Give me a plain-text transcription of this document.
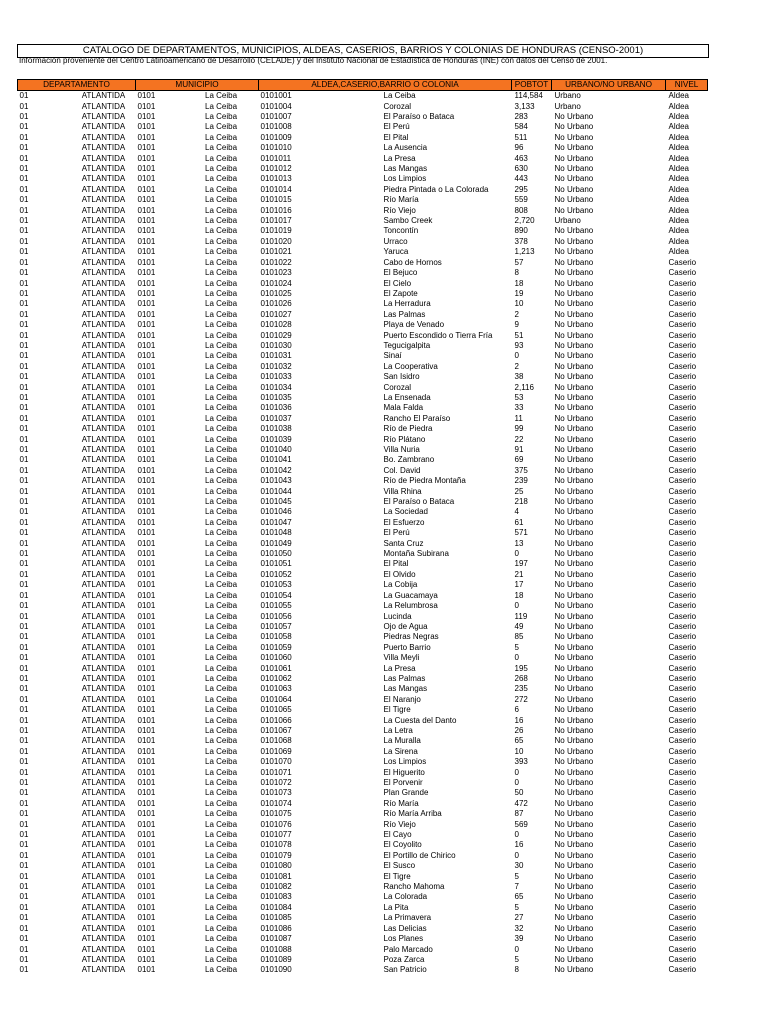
CATALOGO DE DEPARTAMENTOS, MUNICIPIOS, ALDEAS, CASERIOS, BARRIOS Y COLONIAS DE HONDURAS (CENSO-2001)
Información proveniente del Centro Latinoamericano de Desarrollo (CELADE) y del Instituto Nacional de Estadística de Honduras (INE) con datos del Censo de 2001.
DEPARTAMENTO		MUNICIPIO		ALDEA,CASERIO,BARRIO O COLONIA		POBTOT	URBANO/NO URBANO	NIVEL
01	ATLANTIDA	0101	La Ceiba	0101001	La Ceiba	114,584	Urbano	Aldea
01	ATLANTIDA	0101	La Ceiba	0101004	Corozal	3,133	Urbano	Aldea
01	ATLANTIDA	0101	La Ceiba	0101007	El Paraíso o Bataca	283	No Urbano	Aldea
01	ATLANTIDA	0101	La Ceiba	0101008	El Perú	584	No Urbano	Aldea
01	ATLANTIDA	0101	La Ceiba	0101009	El Pital	511	No Urbano	Aldea
01	ATLANTIDA	0101	La Ceiba	0101010	La Ausencia	96	No Urbano	Aldea
01	ATLANTIDA	0101	La Ceiba	0101011	La Presa	463	No Urbano	Aldea
01	ATLANTIDA	0101	La Ceiba	0101012	Las Mangas	630	No Urbano	Aldea
01	ATLANTIDA	0101	La Ceiba	0101013	Los Limpios	443	No Urbano	Aldea
01	ATLANTIDA	0101	La Ceiba	0101014	Piedra Pintada o La Colorada	295	No Urbano	Aldea
01	ATLANTIDA	0101	La Ceiba	0101015	Río María	559	No Urbano	Aldea
01	ATLANTIDA	0101	La Ceiba	0101016	Río Viejo	808	No Urbano	Aldea
01	ATLANTIDA	0101	La Ceiba	0101017	Sambo Creek	2,720	Urbano	Aldea
01	ATLANTIDA	0101	La Ceiba	0101019	Toncontín	890	No Urbano	Aldea
01	ATLANTIDA	0101	La Ceiba	0101020	Urraco	378	No Urbano	Aldea
01	ATLANTIDA	0101	La Ceiba	0101021	Yaruca	1,213	No Urbano	Aldea
01	ATLANTIDA	0101	La Ceiba	0101022	Cabo de Hornos	57	No Urbano	Caserio
01	ATLANTIDA	0101	La Ceiba	0101023	El Bejuco	8	No Urbano	Caserio
01	ATLANTIDA	0101	La Ceiba	0101024	El Cielo	18	No Urbano	Caserio
01	ATLANTIDA	0101	La Ceiba	0101025	El Zapote	19	No Urbano	Caserio
01	ATLANTIDA	0101	La Ceiba	0101026	La Herradura	10	No Urbano	Caserio
01	ATLANTIDA	0101	La Ceiba	0101027	Las Palmas	2	No Urbano	Caserio
01	ATLANTIDA	0101	La Ceiba	0101028	Playa de Venado	9	No Urbano	Caserio
01	ATLANTIDA	0101	La Ceiba	0101029	Puerto Escondido o Tierra Fría	51	No Urbano	Caserio
01	ATLANTIDA	0101	La Ceiba	0101030	Tegucigalpita	93	No Urbano	Caserio
01	ATLANTIDA	0101	La Ceiba	0101031	Sinaí	0	No Urbano	Caserio
01	ATLANTIDA	0101	La Ceiba	0101032	La Cooperativa	2	No Urbano	Caserio
01	ATLANTIDA	0101	La Ceiba	0101033	San Isidro	38	No Urbano	Caserio
01	ATLANTIDA	0101	La Ceiba	0101034	Corozal	2,116	No Urbano	Caserio
01	ATLANTIDA	0101	La Ceiba	0101035	La Ensenada	53	No Urbano	Caserio
01	ATLANTIDA	0101	La Ceiba	0101036	Mala Falda	33	No Urbano	Caserio
01	ATLANTIDA	0101	La Ceiba	0101037	Rancho El Paraíso	11	No Urbano	Caserio
01	ATLANTIDA	0101	La Ceiba	0101038	Río de Piedra	99	No Urbano	Caserio
01	ATLANTIDA	0101	La Ceiba	0101039	Río Plátano	22	No Urbano	Caserio
01	ATLANTIDA	0101	La Ceiba	0101040	Villa Nuria	91	No Urbano	Caserio
01	ATLANTIDA	0101	La Ceiba	0101041	Bo. Zambrano	69	No Urbano	Caserio
01	ATLANTIDA	0101	La Ceiba	0101042	Col. David	375	No Urbano	Caserio
01	ATLANTIDA	0101	La Ceiba	0101043	Río de Piedra Montaña	239	No Urbano	Caserio
01	ATLANTIDA	0101	La Ceiba	0101044	Villa Rhina	25	No Urbano	Caserio
01	ATLANTIDA	0101	La Ceiba	0101045	El Paraíso o Bataca	218	No Urbano	Caserio
01	ATLANTIDA	0101	La Ceiba	0101046	La Sociedad	4	No Urbano	Caserio
01	ATLANTIDA	0101	La Ceiba	0101047	El Esfuerzo	61	No Urbano	Caserio
01	ATLANTIDA	0101	La Ceiba	0101048	El Perú	571	No Urbano	Caserio
01	ATLANTIDA	0101	La Ceiba	0101049	Santa Cruz	13	No Urbano	Caserio
01	ATLANTIDA	0101	La Ceiba	0101050	Montaña Subirana	0	No Urbano	Caserio
01	ATLANTIDA	0101	La Ceiba	0101051	El Pital	197	No Urbano	Caserio
01	ATLANTIDA	0101	La Ceiba	0101052	El Olvido	21	No Urbano	Caserio
01	ATLANTIDA	0101	La Ceiba	0101053	La Cobija	17	No Urbano	Caserio
01	ATLANTIDA	0101	La Ceiba	0101054	La Guacamaya	18	No Urbano	Caserio
01	ATLANTIDA	0101	La Ceiba	0101055	La Relumbrosa	0	No Urbano	Caserio
01	ATLANTIDA	0101	La Ceiba	0101056	Lucinda	119	No Urbano	Caserio
01	ATLANTIDA	0101	La Ceiba	0101057	Ojo de Agua	49	No Urbano	Caserio
01	ATLANTIDA	0101	La Ceiba	0101058	Piedras Negras	85	No Urbano	Caserio
01	ATLANTIDA	0101	La Ceiba	0101059	Puerto Barrio	5	No Urbano	Caserio
01	ATLANTIDA	0101	La Ceiba	0101060	Villa Meyli	0	No Urbano	Caserio
01	ATLANTIDA	0101	La Ceiba	0101061	La Presa	195	No Urbano	Caserio
01	ATLANTIDA	0101	La Ceiba	0101062	Las Palmas	268	No Urbano	Caserio
01	ATLANTIDA	0101	La Ceiba	0101063	Las Mangas	235	No Urbano	Caserio
01	ATLANTIDA	0101	La Ceiba	0101064	El Naranjo	272	No Urbano	Caserio
01	ATLANTIDA	0101	La Ceiba	0101065	El Tigre	6	No Urbano	Caserio
01	ATLANTIDA	0101	La Ceiba	0101066	La Cuesta del Danto	16	No Urbano	Caserio
01	ATLANTIDA	0101	La Ceiba	0101067	La Letra	26	No Urbano	Caserio
01	ATLANTIDA	0101	La Ceiba	0101068	La Muralla	65	No Urbano	Caserio
01	ATLANTIDA	0101	La Ceiba	0101069	La Sirena	10	No Urbano	Caserio
01	ATLANTIDA	0101	La Ceiba	0101070	Los Limpios	393	No Urbano	Caserio
01	ATLANTIDA	0101	La Ceiba	0101071	El Higuerito	0	No Urbano	Caserio
01	ATLANTIDA	0101	La Ceiba	0101072	El Porvenir	0	No Urbano	Caserio
01	ATLANTIDA	0101	La Ceiba	0101073	Plan Grande	50	No Urbano	Caserio
01	ATLANTIDA	0101	La Ceiba	0101074	Río María	472	No Urbano	Caserio
01	ATLANTIDA	0101	La Ceiba	0101075	Río María Arriba	87	No Urbano	Caserio
01	ATLANTIDA	0101	La Ceiba	0101076	Río Viejo	569	No Urbano	Caserio
01	ATLANTIDA	0101	La Ceiba	0101077	El Cayo	0	No Urbano	Caserio
01	ATLANTIDA	0101	La Ceiba	0101078	El Coyolito	16	No Urbano	Caserio
01	ATLANTIDA	0101	La Ceiba	0101079	El Portillo de Chirico	0	No Urbano	Caserio
01	ATLANTIDA	0101	La Ceiba	0101080	El Susco	30	No Urbano	Caserio
01	ATLANTIDA	0101	La Ceiba	0101081	El Tigre	5	No Urbano	Caserio
01	ATLANTIDA	0101	La Ceiba	0101082	Rancho Mahoma	7	No Urbano	Caserio
01	ATLANTIDA	0101	La Ceiba	0101083	La Colorada	65	No Urbano	Caserio
01	ATLANTIDA	0101	La Ceiba	0101084	La Pita	5	No Urbano	Caserio
01	ATLANTIDA	0101	La Ceiba	0101085	La Primavera	27	No Urbano	Caserio
01	ATLANTIDA	0101	La Ceiba	0101086	Las Delicias	32	No Urbano	Caserio
01	ATLANTIDA	0101	La Ceiba	0101087	Los Planes	39	No Urbano	Caserio
01	ATLANTIDA	0101	La Ceiba	0101088	Palo Marcado	0	No Urbano	Caserio
01	ATLANTIDA	0101	La Ceiba	0101089	Poza Zarca	5	No Urbano	Caserio
01	ATLANTIDA	0101	La Ceiba	0101090	San Patricio	8	No Urbano	Caserio
